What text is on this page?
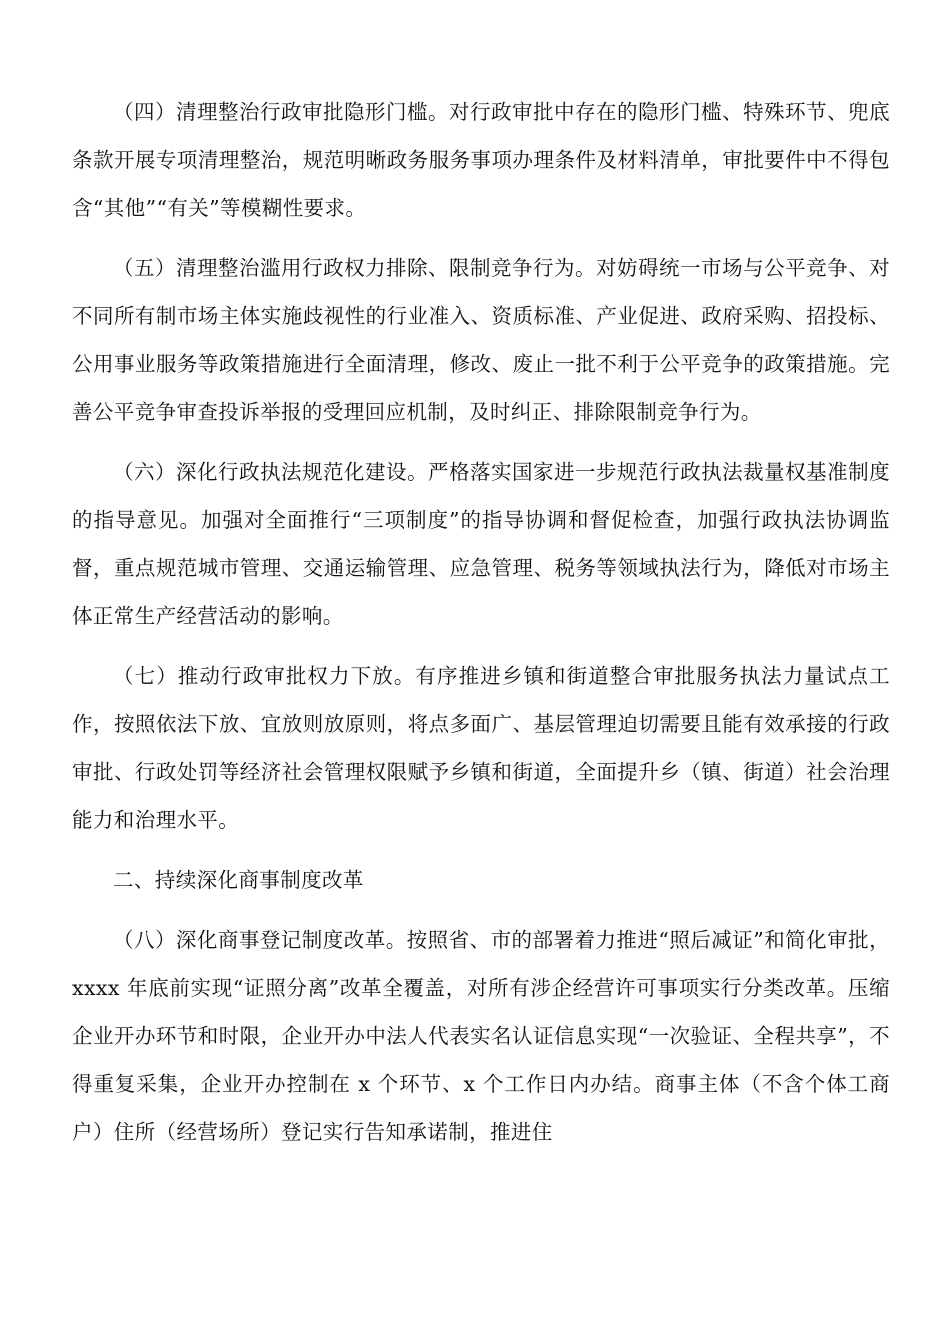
（四）清理整治行政审批隐形门槛。对行政审批中存在的隐形门槛、特殊环节、兜底条款开展专项清理整治，规范明晰政务服务事项办理条件及材料清单，审批要件中不得包含“其他”“有关”等模糊性要求。

（五）清理整治滥用行政权力排除、限制竞争行为。对妨碍统一市场与公平竞争、对不同所有制市场主体实施歧视性的行业准入、资质标准、产业促进、政府采购、招投标、公用事业服务等政策措施进行全面清理，修改、废止一批不利于公平竞争的政策措施。完善公平竞争审查投诉举报的受理回应机制，及时纠正、排除限制竞争行为。

（六）深化行政执法规范化建设。严格落实国家进一步规范行政执法裁量权基准制度的指导意见。加强对全面推行“三项制度”的指导协调和督促检查，加强行政执法协调监督，重点规范城市管理、交通运输管理、应急管理、税务等领域执法行为，降低对市场主体正常生产经营活动的影响。

（七）推动行政审批权力下放。有序推进乡镇和街道整合审批服务执法力量试点工作，按照依法下放、宜放则放原则，将点多面广、基层管理迫切需要且能有效承接的行政审批、行政处罚等经济社会管理权限赋予乡镇和街道，全面提升乡（镇、街道）社会治理能力和治理水平。

二、持续深化商事制度改革

（八）深化商事登记制度改革。按照省、市的部署着力推进“照后减证”和简化审批，xxxx 年底前实现“证照分离”改革全覆盖，对所有涉企经营许可事项实行分类改革。压缩企业开办环节和时限，企业开办中法人代表实名认证信息实现“一次验证、全程共享”，不得重复采集，企业开办控制在 x 个环节、x 个工作日内办结。商事主体（不含个体工商户）住所（经营场所）登记实行告知承诺制，推进住
